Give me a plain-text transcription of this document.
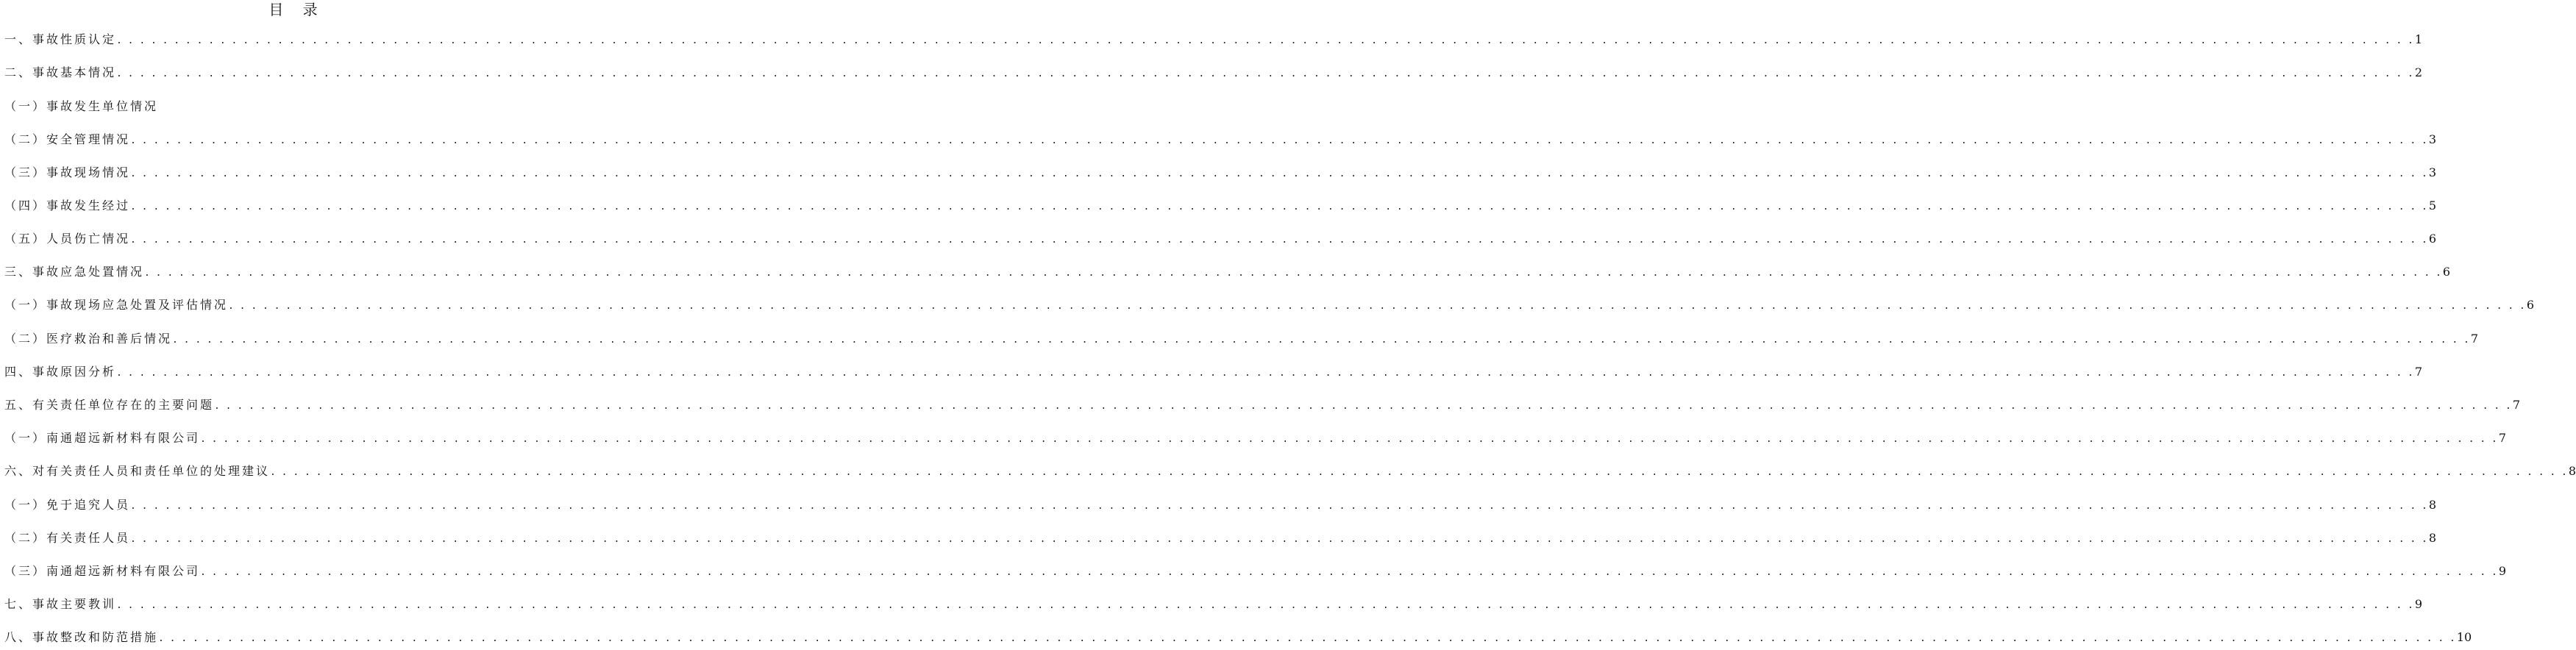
目 录
一、事故性质认定 . . . . . . . . . . . . . . . . . . . . . . . . . . . . . . . . . . . . . . . . . . . . . . . . . . . . . . . . . . . . . . . . . . . . . . . . . . . . . . . . . . . . . . . . . . . . . . . . . . . . . . . . . . . . . . . . . . . . . . . . . . . . . . . . . . . . . . . . . . . . . . . . . . . . . . . . . . . . . . . . . . . . . . . . . . . . . . . . . . . . . . . . . . . . . . . . . . . . . . . . 1
二、事故基本情况 . . . . . . . . . . . . . . . . . . . . . . . . . . . . . . . . . . . . . . . . . . . . . . . . . . . . . . . . . . . . . . . . . . . . . . . . . . . . . . . . . . . . . . . . . . . . . . . . . . . . . . . . . . . . . . . . . . . . . . . . . . . . . . . . . . . . . . . . . . . . . . . . . . . . . . . . . . . . . . . . . . . . . . . . . . . . . . . . . . . . . . . . . . . . . . . . . . . . . . . . 2
（一）事故发生单位情况
（二）安全管理情况 . . . . . . . . . . . . . . . . . . . . . . . . . . . . . . . . . . . . . . . . . . . . . . . . . . . . . . . . . . . . . . . . . . . . . . . . . . . . . . . . . . . . . . . . . . . . . . . . . . . . . . . . . . . . . . . . . . . . . . . . . . . . . . . . . . . . . . . . . . . . . . . . . . . . . . . . . . . . . . . . . . . . . . . . . . . . . . . . . . . . . . . . . . . . . . . . . . . . . . . . 3
（三）事故现场情况 . . . . . . . . . . . . . . . . . . . . . . . . . . . . . . . . . . . . . . . . . . . . . . . . . . . . . . . . . . . . . . . . . . . . . . . . . . . . . . . . . . . . . . . . . . . . . . . . . . . . . . . . . . . . . . . . . . . . . . . . . . . . . . . . . . . . . . . . . . . . . . . . . . . . . . . . . . . . . . . . . . . . . . . . . . . . . . . . . . . . . . . . . . . . . . . . . . . . . . . . 3
（四）事故发生经过 . . . . . . . . . . . . . . . . . . . . . . . . . . . . . . . . . . . . . . . . . . . . . . . . . . . . . . . . . . . . . . . . . . . . . . . . . . . . . . . . . . . . . . . . . . . . . . . . . . . . . . . . . . . . . . . . . . . . . . . . . . . . . . . . . . . . . . . . . . . . . . . . . . . . . . . . . . . . . . . . . . . . . . . . . . . . . . . . . . . . . . . . . . . . . . . . . . . . . . . . 5
（五）人员伤亡情况 . . . . . . . . . . . . . . . . . . . . . . . . . . . . . . . . . . . . . . . . . . . . . . . . . . . . . . . . . . . . . . . . . . . . . . . . . . . . . . . . . . . . . . . . . . . . . . . . . . . . . . . . . . . . . . . . . . . . . . . . . . . . . . . . . . . . . . . . . . . . . . . . . . . . . . . . . . . . . . . . . . . . . . . . . . . . . . . . . . . . . . . . . . . . . . . . . . . . . . . . 6
三、事故应急处置情况 . . . . . . . . . . . . . . . . . . . . . . . . . . . . . . . . . . . . . . . . . . . . . . . . . . . . . . . . . . . . . . . . . . . . . . . . . . . . . . . . . . . . . . . . . . . . . . . . . . . . . . . . . . . . . . . . . . . . . . . . . . . . . . . . . . . . . . . . . . . . . . . . . . . . . . . . . . . . . . . . . . . . . . . . . . . . . . . . . . . . . . . . . . . . . . . . . . . . . . . . 6
（一）事故现场应急处置及评估情况 . . . . . . . . . . . . . . . . . . . . . . . . . . . . . . . . . . . . . . . . . . . . . . . . . . . . . . . . . . . . . . . . . . . . . . . . . . . . . . . . . . . . . . . . . . . . . . . . . . . . . . . . . . . . . . . . . . . . . . . . . . . . . . . . . . . . . . . . . . . . . . . . . . . . . . . . . . . . . . . . . . . . . . . . . . . . . . . . . . . . . . . . . . . . . . . . . . . . . . . . 6
（二）医疗救治和善后情况 . . . . . . . . . . . . . . . . . . . . . . . . . . . . . . . . . . . . . . . . . . . . . . . . . . . . . . . . . . . . . . . . . . . . . . . . . . . . . . . . . . . . . . . . . . . . . . . . . . . . . . . . . . . . . . . . . . . . . . . . . . . . . . . . . . . . . . . . . . . . . . . . . . . . . . . . . . . . . . . . . . . . . . . . . . . . . . . . . . . . . . . . . . . . . . . . . . . . . . . . 7
四、事故原因分析 . . . . . . . . . . . . . . . . . . . . . . . . . . . . . . . . . . . . . . . . . . . . . . . . . . . . . . . . . . . . . . . . . . . . . . . . . . . . . . . . . . . . . . . . . . . . . . . . . . . . . . . . . . . . . . . . . . . . . . . . . . . . . . . . . . . . . . . . . . . . . . . . . . . . . . . . . . . . . . . . . . . . . . . . . . . . . . . . . . . . . . . . . . . . . . . . . . . . . . . . 7
五、有关责任单位存在的主要问题 . . . . . . . . . . . . . . . . . . . . . . . . . . . . . . . . . . . . . . . . . . . . . . . . . . . . . . . . . . . . . . . . . . . . . . . . . . . . . . . . . . . . . . . . . . . . . . . . . . . . . . . . . . . . . . . . . . . . . . . . . . . . . . . . . . . . . . . . . . . . . . . . . . . . . . . . . . . . . . . . . . . . . . . . . . . . . . . . . . . . . . . . . . . . . . . . . . . . . . . . 7
（一）南通超远新材料有限公司 . . . . . . . . . . . . . . . . . . . . . . . . . . . . . . . . . . . . . . . . . . . . . . . . . . . . . . . . . . . . . . . . . . . . . . . . . . . . . . . . . . . . . . . . . . . . . . . . . . . . . . . . . . . . . . . . . . . . . . . . . . . . . . . . . . . . . . . . . . . . . . . . . . . . . . . . . . . . . . . . . . . . . . . . . . . . . . . . . . . . . . . . . . . . . . . . . . . . . . . . 7
六、对有关责任人员和责任单位的处理建议 . . . . . . . . . . . . . . . . . . . . . . . . . . . . . . . . . . . . . . . . . . . . . . . . . . . . . . . . . . . . . . . . . . . . . . . . . . . . . . . . . . . . . . . . . . . . . . . . . . . . . . . . . . . . . . . . . . . . . . . . . . . . . . . . . . . . . . . . . . . . . . . . . . . . . . . . . . . . . . . . . . . . . . . . . . . . . . . . . . . . . . . . . . . . . . . . . . . . . . . . 8
（一）免于追究人员 . . . . . . . . . . . . . . . . . . . . . . . . . . . . . . . . . . . . . . . . . . . . . . . . . . . . . . . . . . . . . . . . . . . . . . . . . . . . . . . . . . . . . . . . . . . . . . . . . . . . . . . . . . . . . . . . . . . . . . . . . . . . . . . . . . . . . . . . . . . . . . . . . . . . . . . . . . . . . . . . . . . . . . . . . . . . . . . . . . . . . . . . . . . . . . . . . . . . . . . . 8
（二）有关责任人员 . . . . . . . . . . . . . . . . . . . . . . . . . . . . . . . . . . . . . . . . . . . . . . . . . . . . . . . . . . . . . . . . . . . . . . . . . . . . . . . . . . . . . . . . . . . . . . . . . . . . . . . . . . . . . . . . . . . . . . . . . . . . . . . . . . . . . . . . . . . . . . . . . . . . . . . . . . . . . . . . . . . . . . . . . . . . . . . . . . . . . . . . . . . . . . . . . . . . . . . . 8
（三）南通超远新材料有限公司 . . . . . . . . . . . . . . . . . . . . . . . . . . . . . . . . . . . . . . . . . . . . . . . . . . . . . . . . . . . . . . . . . . . . . . . . . . . . . . . . . . . . . . . . . . . . . . . . . . . . . . . . . . . . . . . . . . . . . . . . . . . . . . . . . . . . . . . . . . . . . . . . . . . . . . . . . . . . . . . . . . . . . . . . . . . . . . . . . . . . . . . . . . . . . . . . . . . . . . . . 9
七、事故主要教训 . . . . . . . . . . . . . . . . . . . . . . . . . . . . . . . . . . . . . . . . . . . . . . . . . . . . . . . . . . . . . . . . . . . . . . . . . . . . . . . . . . . . . . . . . . . . . . . . . . . . . . . . . . . . . . . . . . . . . . . . . . . . . . . . . . . . . . . . . . . . . . . . . . . . . . . . . . . . . . . . . . . . . . . . . . . . . . . . . . . . . . . . . . . . . . . . . . . . . . . . 9
八、事故整改和防范措施 . . . . . . . . . . . . . . . . . . . . . . . . . . . . . . . . . . . . . . . . . . . . . . . . . . . . . . . . . . . . . . . . . . . . . . . . . . . . . . . . . . . . . . . . . . . . . . . . . . . . . . . . . . . . . . . . . . . . . . . . . . . . . . . . . . . . . . . . . . . . . . . . . . . . . . . . . . . . . . . . . . . . . . . . . . . . . . . . . . . . . . . . . . . . . . . . . . . . . . . . 10
